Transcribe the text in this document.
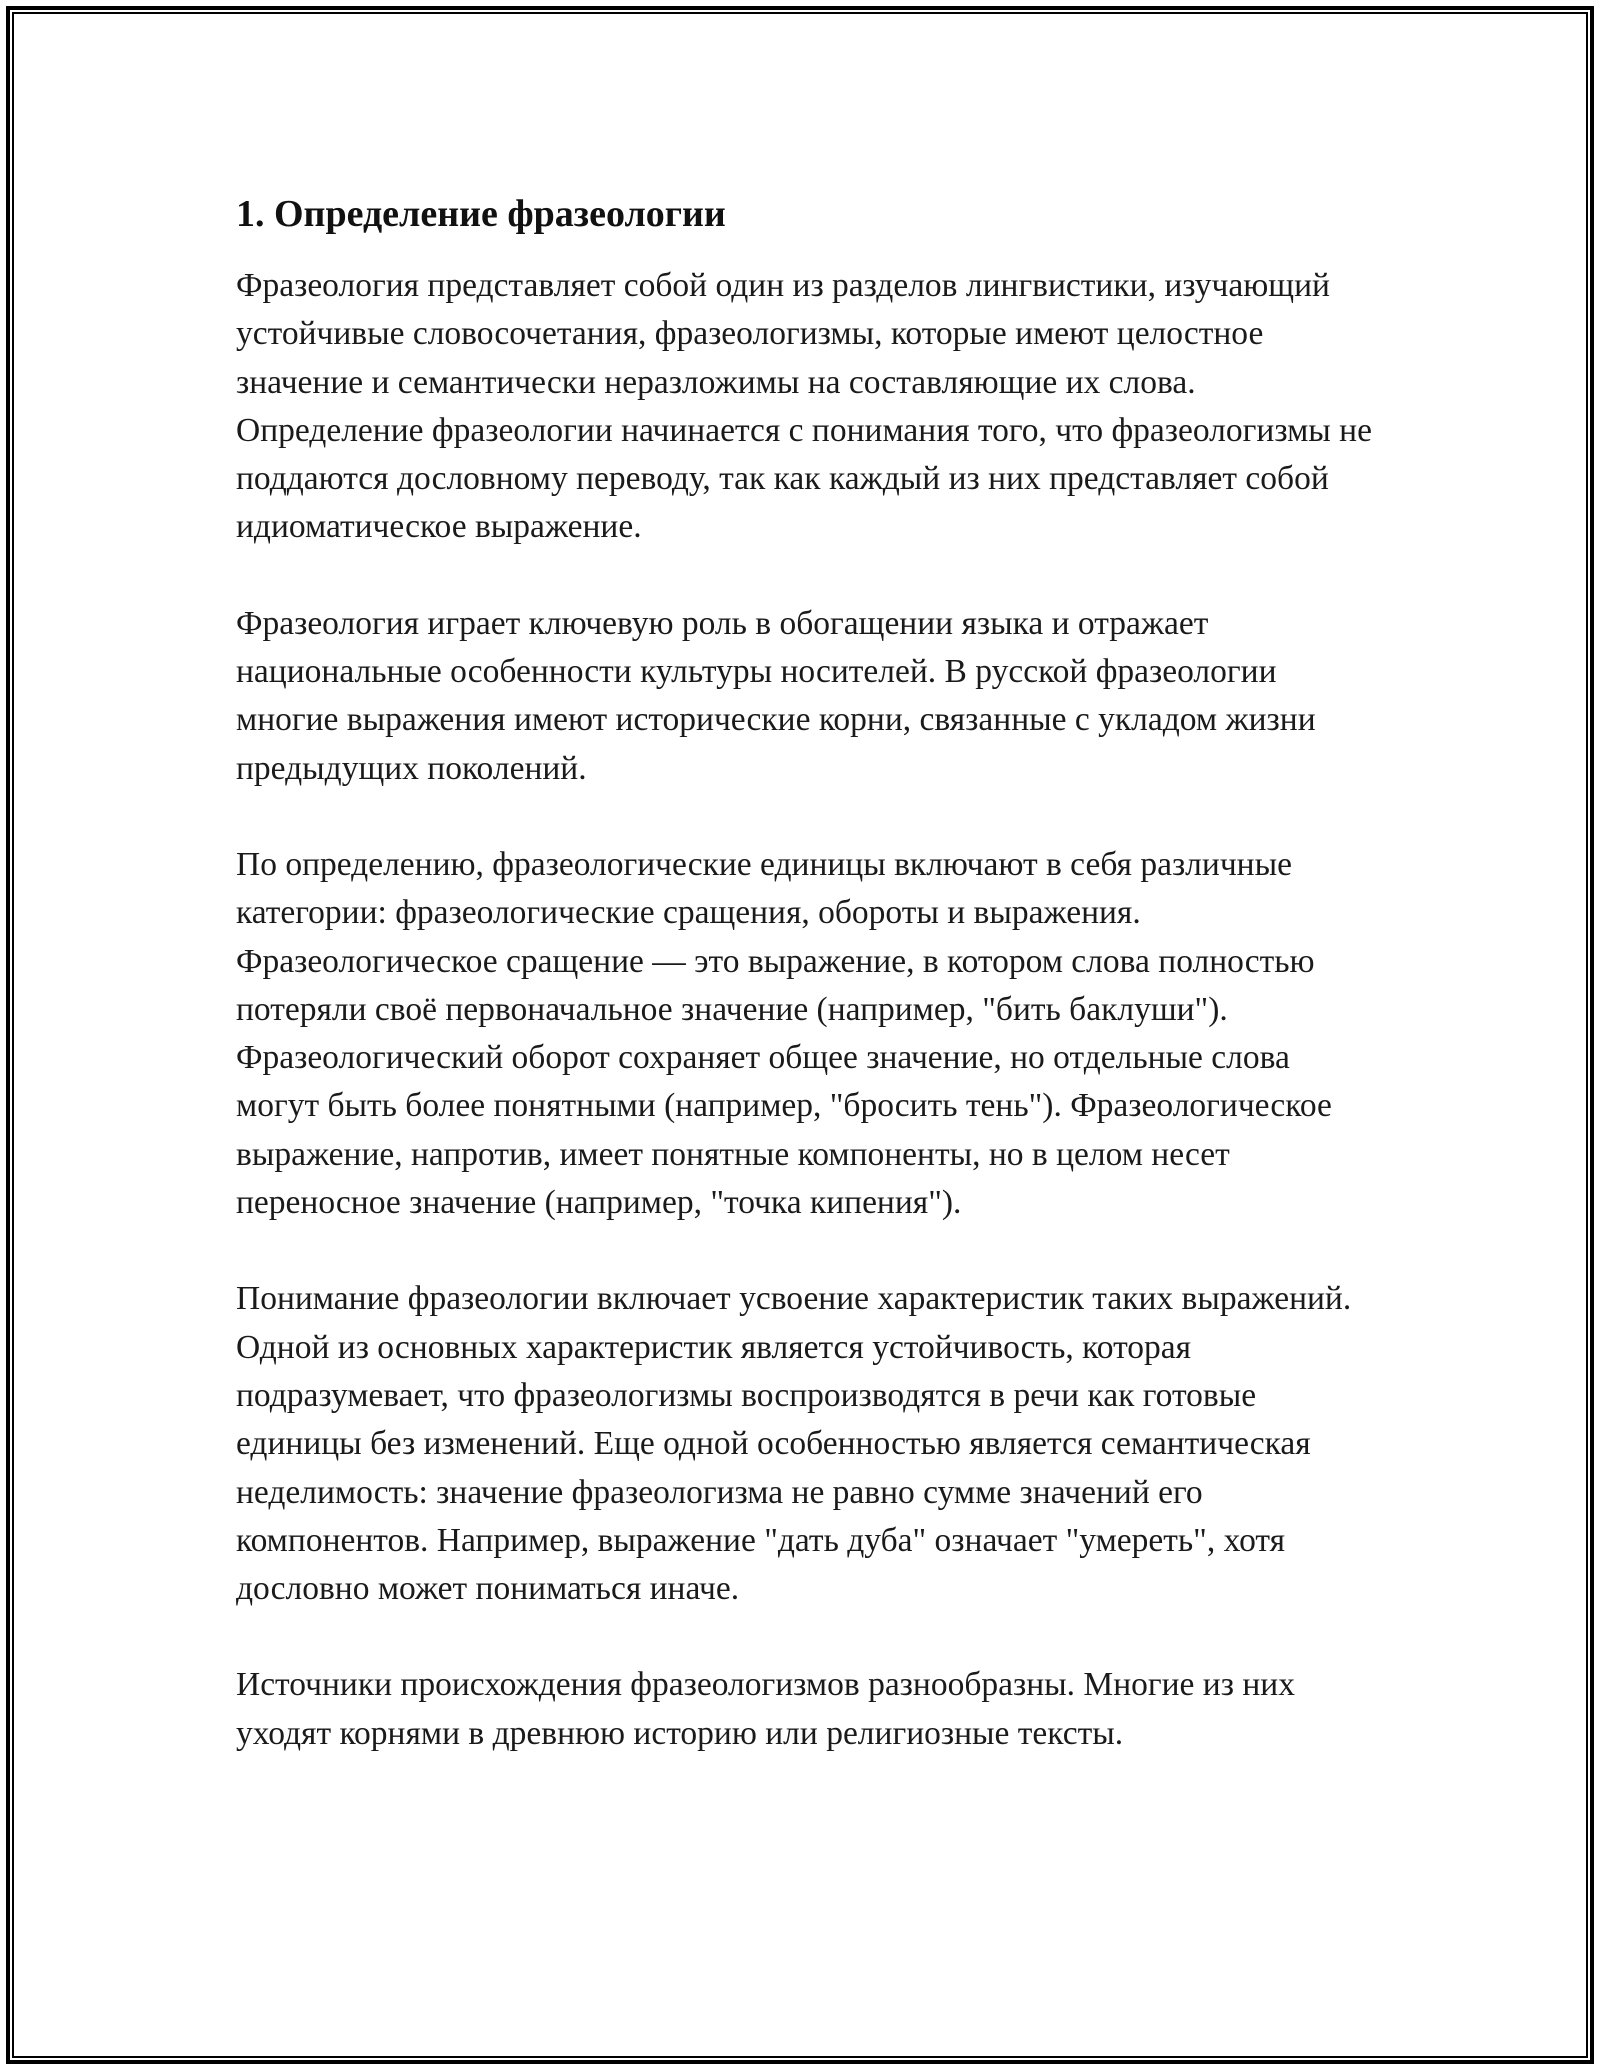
1. Определение фразеологии

Фразеология представляет собой один из разделов лингвистики, изучающий устойчивые словосочетания, фразеологизмы, которые имеют целостное значение и семантически неразложимы на составляющие их слова. Определение фразеологии начинается с понимания того, что фразеологизмы не поддаются дословному переводу, так как каждый из них представляет собой идиоматическое выражение.

Фразеология играет ключевую роль в обогащении языка и отражает национальные особенности культуры носителей. В русской фразеологии многие выражения имеют исторические корни, связанные с укладом жизни предыдущих поколений.

По определению, фразеологические единицы включают в себя различные категории: фразеологические сращения, обороты и выражения. Фразеологическое сращение — это выражение, в котором слова полностью потеряли своё первоначальное значение (например, "бить баклуши"). Фразеологический оборот сохраняет общее значение, но отдельные слова могут быть более понятными (например, "бросить тень"). Фразеологическое выражение, напротив, имеет понятные компоненты, но в целом несет переносное значение (например, "точка кипения").

Понимание фразеологии включает усвоение характеристик таких выражений. Одной из основных характеристик является устойчивость, которая подразумевает, что фразеологизмы воспроизводятся в речи как готовые единицы без изменений. Еще одной особенностью является семантическая неделимость: значение фразеологизма не равно сумме значений его компонентов. Например, выражение "дать дуба" означает "умереть", хотя дословно может пониматься иначе.

Источники происхождения фразеологизмов разнообразны. Многие из них уходят корнями в древнюю историю или религиозные тексты.
